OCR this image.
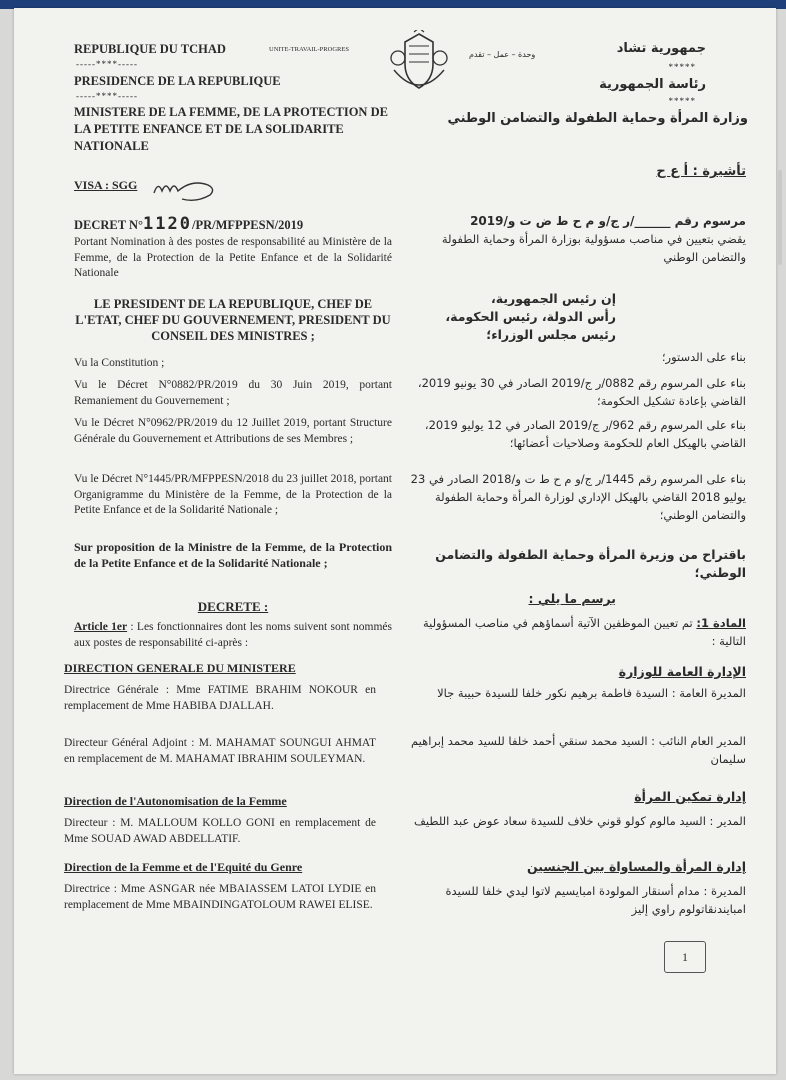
REPUBLIQUE DU TCHAD	UNITE-TRAVAIL-PROGRES
-----****-----
PRESIDENCE DE LA REPUBLIQUE
-----****-----
MINISTERE DE LA FEMME, DE LA PROTECTION DE LA PETITE ENFANCE ET DE LA SOLIDARITE NATIONALE
جمهورية تشاد
وحدة – عمل – تقدم
*****
رئاسة الجمهورية
*****
وزارة المرأة وحماية الطفولة والتضامن الوطني
VISA : SGG
تأشيرة : أ ع ح
DECRET N°1120/PR/MFPPESN/2019
Portant Nomination à des postes de responsabilité au Ministère de la Femme, de la Protection de la Petite Enfance et de la Solidarité Nationale
مرسوم رقم ______/ر ج/و م ح ط ض ت و/2019
يقضي بتعيين في مناصب مسؤولية بوزارة المرأة وحماية الطفولة والتضامن الوطني
LE PRESIDENT DE LA REPUBLIQUE, CHEF DE L'ETAT, CHEF DU GOUVERNEMENT, PRESIDENT DU CONSEIL DES MINISTRES ;
إن رئيس الجمهورية،
رأس الدولة، رئيس الحكومة،
رئيس مجلس الوزراء؛
Vu la Constitution ;
Vu le Décret N°0882/PR/2019 du 30 Juin 2019, portant Remaniement du Gouvernement ;
Vu le Décret N°0962/PR/2019 du 12 Juillet 2019, portant Structure Générale du Gouvernement et Attributions de ses Membres ;
Vu le Décret N°1445/PR/MFPPESN/2018 du 23 juillet 2018, portant Organigramme du Ministère de la Femme, de la Protection de la Petite Enfance et de la Solidarité Nationale ;
بناء على الدستور؛
بناء على المرسوم رقم 0882/ر ج/2019 الصادر في 30 يونيو 2019، القاضي بإعادة تشكيل الحكومة؛
بناء على المرسوم رقم 962/ر ج/2019 الصادر في 12 يوليو 2019، القاضي بالهيكل العام للحكومة وصلاحيات أعضائها؛
بناء على المرسوم رقم 1445/ر ج/و م ح ط ت و/2018 الصادر في 23 يوليو 2018 القاضي بالهيكل الإداري لوزارة المرأة وحماية الطفولة والتضامن الوطني؛
Sur proposition de la Ministre de la Femme, de la Protection de la Petite Enfance et de la Solidarité Nationale ;
باقتراح من وزيرة المرأة وحماية الطفولة والتضامن الوطني؛
DECRETE :
يرسم ما يلي :
Article 1er : Les fonctionnaires dont les noms suivent sont nommés aux postes de responsabilité ci-après :
المادة 1: تم تعيين الموظفين الآتية أسماؤهم في مناصب المسؤولية التالية :
DIRECTION GENERALE DU MINISTERE	الإدارة العامة للوزارة
Directrice Générale : Mme FATIME BRAHIM NOKOUR en remplacement de Mme HABIBA DJALLAH.
المديرة العامة : السيدة فاطمة برهيم نكور خلفا للسيدة حبيبة جالا
Directeur Général Adjoint : M. MAHAMAT SOUNGUI AHMAT en remplacement de M. MAHAMAT IBRAHIM SOULEYMAN.
المدير العام النائب : السيد محمد سنقي أحمد خلفا للسيد محمد إبراهيم سليمان
Direction de l'Autonomisation de la Femme	إدارة تمكين المرأة
Directeur : M. MALLOUM KOLLO GONI en remplacement de Mme SOUAD AWAD ABDELLATIF.
المدير : السيد مالوم كولو قوني خلاف للسيدة سعاد عوض عبد اللطيف
Direction de la Femme et de l'Equité du Genre	إدارة المرأة والمساواة بين الجنسين
Directrice : Mme ASNGAR née MBAIASSEM LATOI LYDIE en remplacement de Mme MBAINDINGATOLOUM RAWEI ELISE.
المديرة : مدام أسنقار المولودة امبايسيم لاتوا ليدي خلفا للسيدة امبايندنقاتولوم راوي إليز
1
